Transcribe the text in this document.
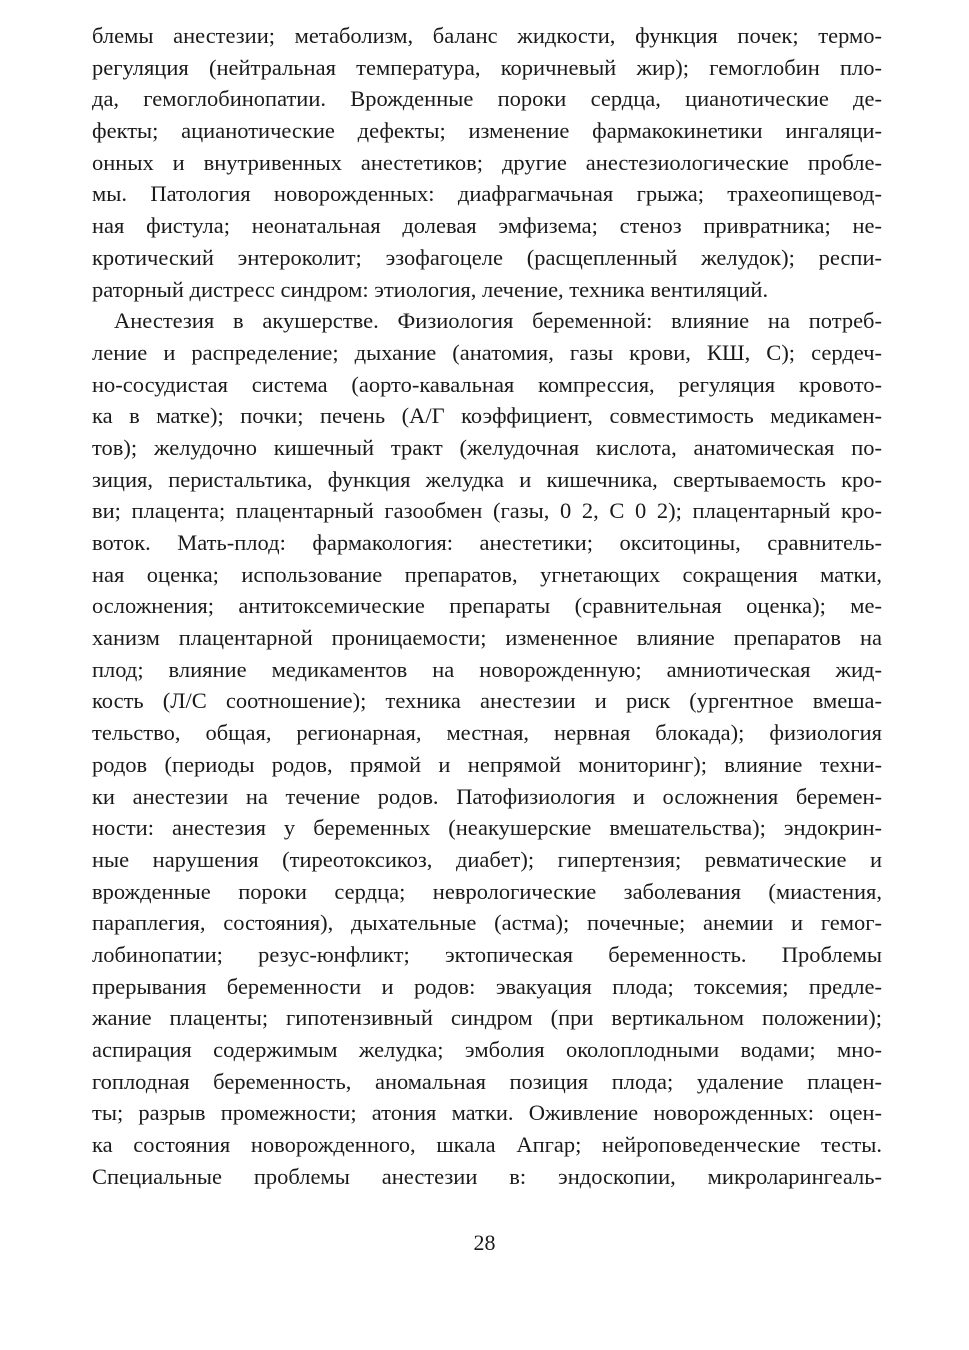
блемы анестезии; метаболизм, баланс жидкости, функция почек; термо-
регуляция (нейтральная температура, коричневый жир); гемоглобин пло-
да, гемоглобинопатии. Врожденные пороки сердца, цианотические де-
фекты; ацианотические дефекты; изменение фармакокинетики ингаляци-
онных и внутривенных анестетиков; другие анестезиологические пробле-
мы. Патология новорожденных: диафрагмачьная грыжа; трахеопищевод-
ная фистула; неонатальная долевая эмфизема; стеноз привратника; не-
кротический энтероколит; эзофагоцеле (расщепленный желудок); респи-
раторный дистресс синдром: этиология, лечение, техника вентиляций.
Анестезия в акушерстве. Физиология беременной: влияние на потреб-
ление и распределение; дыхание (анатомия, газы крови, КШ, С); сердеч-
но-сосудистая система (аорто-кавальная компрессия, регуляция кровото-
ка в матке); почки; печень (А/Г коэффициент, совместимость медикамен-
тов); желудочно кишечный тракт (желудочная кислота, анатомическая по-
зиция, перистальтика, функция желудка и кишечника, свертываемость кро-
ви; плацента; плацентарный газообмен (газы, 0 2, С 0 2); плацентарный кро-
воток. Мать-плод: фармакология: анестетики; окситоцины, сравнитель-
ная оценка; использование препаратов, угнетающих сокращения матки,
осложнения; антитоксемические препараты (сравнительная оценка); ме-
ханизм плацентарной проницаемости; измененное влияние препаратов на
плод; влияние медикаментов на новорожденную; амниотическая жид-
кость (Л/С соотношение); техника анестезии и риск (ургентное вмеша-
тельство, общая, регионарная, местная, нервная блокада); физиология
родов (периоды родов, прямой и непрямой мониторинг); влияние техни-
ки анестезии на течение родов. Патофизиология и осложнения беремен-
ности: анестезия у беременных (неакушерские вмешательства); эндокрин-
ные нарушения (тиреотоксикоз, диабет); гипертензия; ревматические и
врожденные пороки сердца; неврологические заболевания (миастения,
параплегия, состояния), дыхательные (астма); почечные; анемии и гемог-
лобинопатии; резус-юнфликт; эктопическая беременность. Проблемы
прерывания беременности и родов: эвакуация плода; токсемия; предле-
жание плаценты; гипотензивный синдром (при вертикальном положении);
аспирация содержимым желудка; эмболия околоплодными водами; мно-
гоплодная беременность, аномальная позиция плода; удаление плацен-
ты; разрыв промежности; атония матки. Оживление новорожденных: оцен-
ка состояния новорожденного, шкала Апгар; нейроповеденческие тесты.
Специальные проблемы анестезии в: эндоскопии, микроларингеаль-
28
